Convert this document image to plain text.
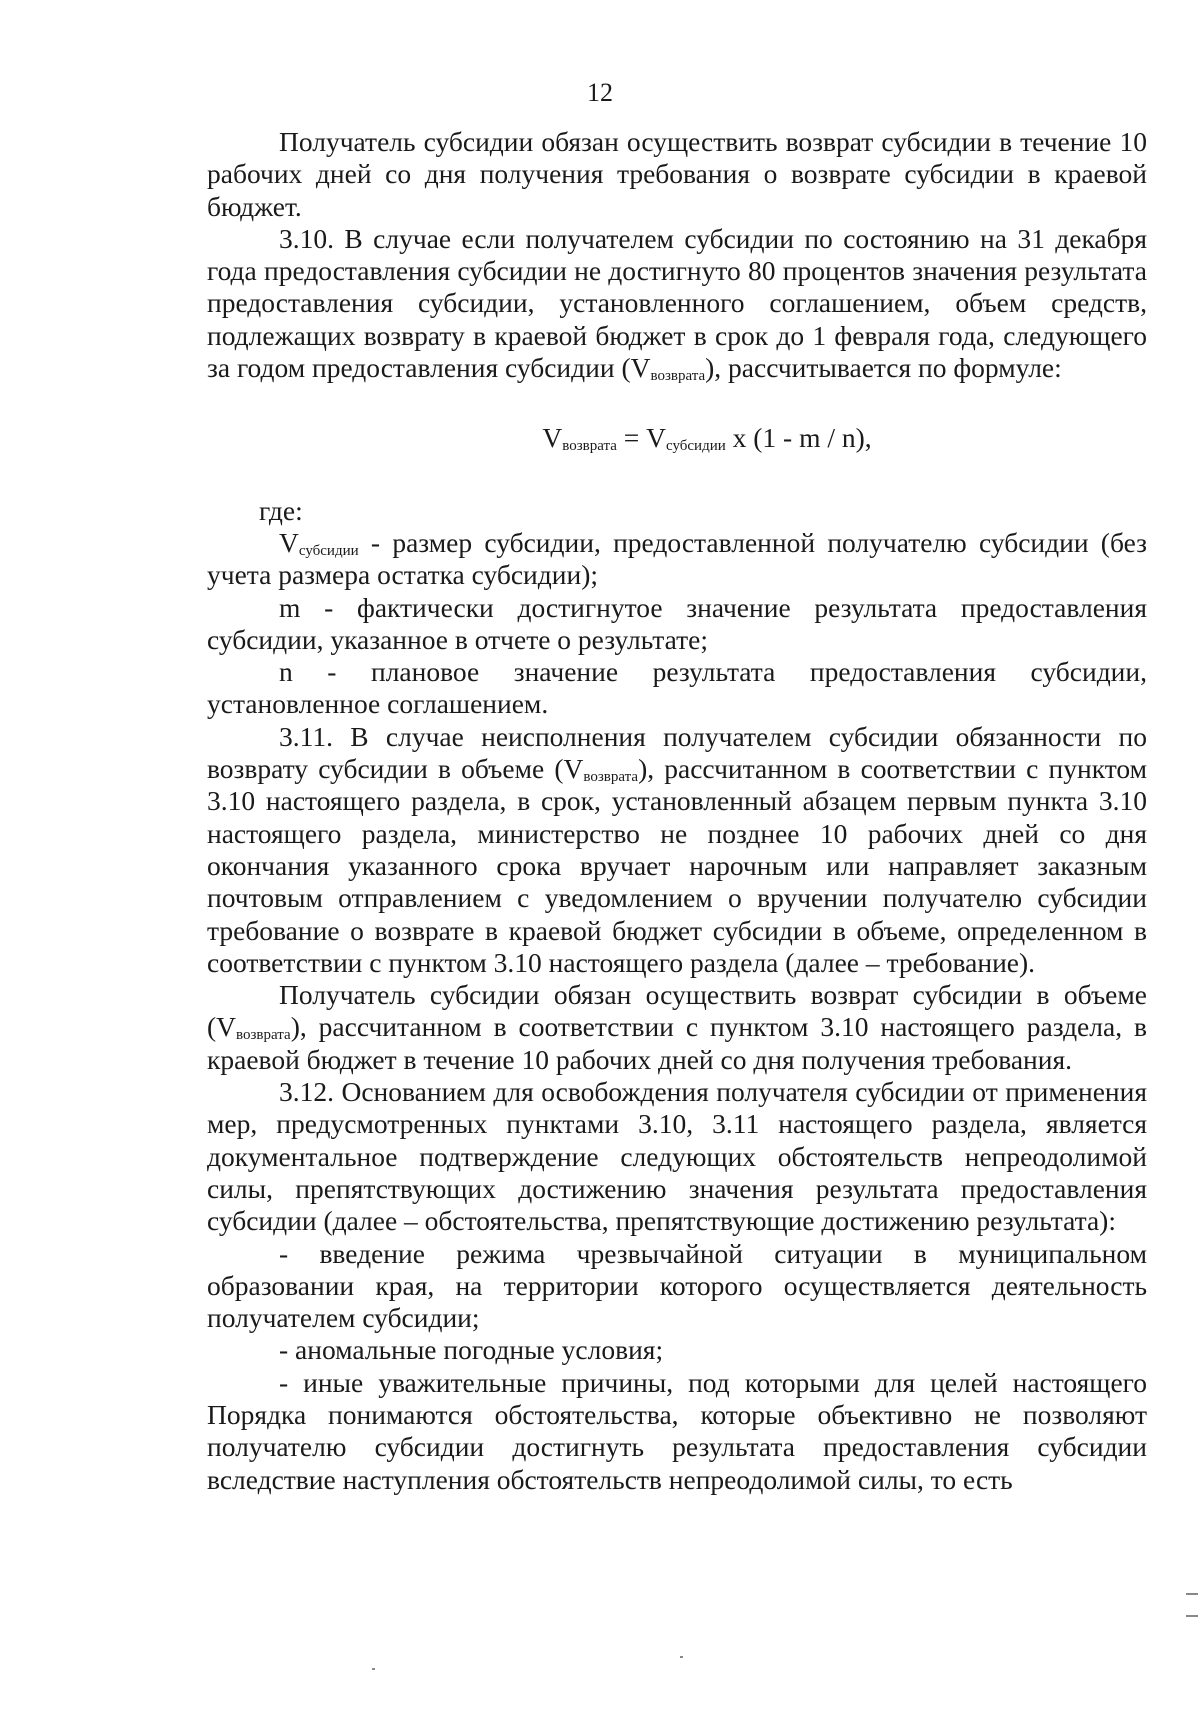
12

Получатель субсидии обязан осуществить возврат субсидии в течение 10 рабочих дней со дня получения требования о возврате субсидии в краевой бюджет.

3.10. В случае если получателем субсидии по состоянию на 31 декабря года предоставления субсидии не достигнуто 80 процентов значения результата предоставления субсидии, установленного соглашением, объем средств, подлежащих возврату в краевой бюджет в срок до 1 февраля года, следующего за годом предоставления субсидии $(V_{возврата})$, рассчитывается по формуле:

$V_{возврата} = V_{субсидии}$ x (1 - m / n),

где:

$V_{субсидии}$ - размер субсидии, предоставленной получателю субсидии (без учета размера остатка субсидии);

m - фактически достигнутое значение результата предоставления субсидии, указанное в отчете о результате;

n - плановое значение результата предоставления субсидии, установленное соглашением.

3.11. В случае неисполнения получателем субсидии обязанности по возврату субсидии в объеме $(V_{возврата})$, рассчитанном в соответствии с пунктом 3.10 настоящего раздела, в срок, установленный абзацем первым пункта 3.10 настоящего раздела, министерство не позднее 10 рабочих дней со дня окончания указанного срока вручает нарочным или направляет заказным почтовым отправлением с уведомлением о вручении получателю субсидии требование о возврате в краевой бюджет субсидии в объеме, определенном в соответствии с пунктом 3.10 настоящего раздела (далее – требование).

Получатель субсидии обязан осуществить возврат субсидии в объеме $(V_{возврата})$, рассчитанном в соответствии с пунктом 3.10 настоящего раздела, в краевой бюджет в течение 10 рабочих дней со дня получения требования.

3.12. Основанием для освобождения получателя субсидии от применения мер, предусмотренных пунктами 3.10, 3.11 настоящего раздела, является документальное подтверждение следующих обстоятельств непреодолимой силы, препятствующих достижению значения результата предоставления субсидии (далее – обстоятельства, препятствующие достижению результата):

- введение режима чрезвычайной ситуации в муниципальном образовании края, на территории которого осуществляется деятельность получателем субсидии;

- аномальные погодные условия;

- иные уважительные причины, под которыми для целей настоящего Порядка понимаются обстоятельства, которые объективно не позволяют получателю субсидии достигнуть результата предоставления субсидии вследствие наступления обстоятельств непреодолимой силы, то есть
